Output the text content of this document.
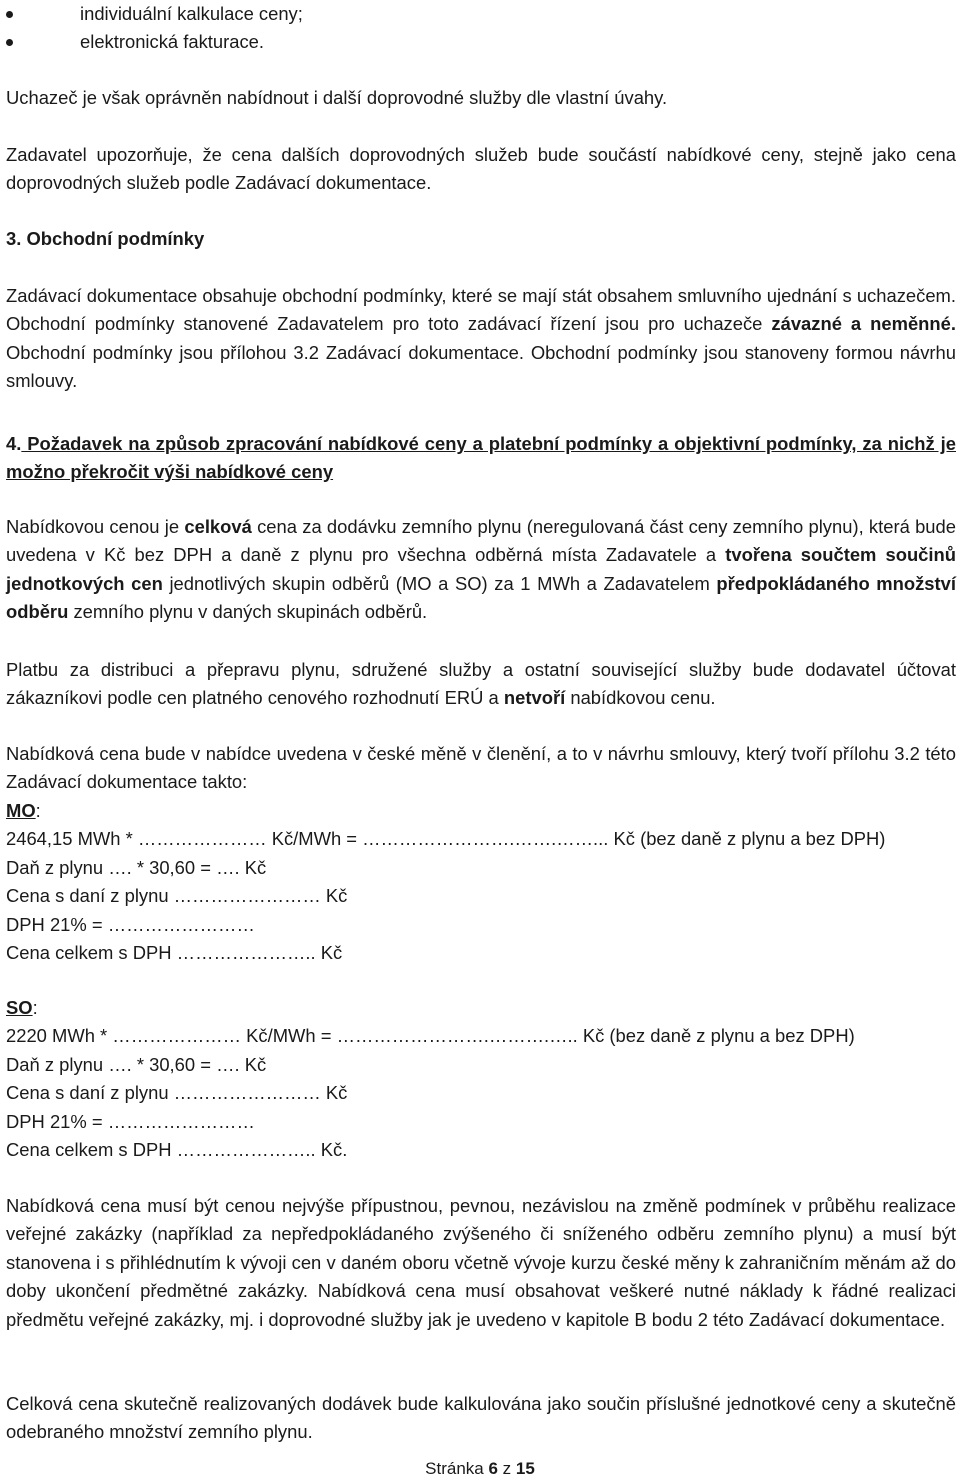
individuální kalkulace ceny;
elektronická fakturace.

Uchazeč je však oprávněn nabídnout i další doprovodné služby dle vlastní úvahy.

Zadavatel upozorňuje, že cena dalších doprovodných služeb bude součástí nabídkové ceny, stejně jako cena doprovodných služeb podle Zadávací dokumentace.

3. Obchodní podmínky

Zadávací dokumentace obsahuje obchodní podmínky, které se mají stát obsahem smluvního ujednání s uchazečem. Obchodní podmínky stanovené Zadavatelem pro toto zadávací řízení jsou pro uchazeče závazné a neměnné. Obchodní podmínky jsou přílohou 3.2 Zadávací dokumentace. Obchodní podmínky jsou stanoveny formou návrhu smlouvy.

4. Požadavek na způsob zpracování nabídkové ceny a platební podmínky a objektivní podmínky, za nichž je možno překročit výši nabídkové ceny

Nabídkovou cenou je celková cena za dodávku zemního plynu (neregulovaná část ceny zemního plynu), která bude uvedena v Kč bez DPH a daně z plynu pro všechna odběrná místa Zadavatele a tvořena součtem součinů jednotkových cen jednotlivých skupin odběrů (MO a SO) za 1 MWh a Zadavatelem předpokládaného množství odběru zemního plynu v daných skupinách odběrů.

Platbu za distribuci a přepravu plynu, sdružené služby a ostatní související služby bude dodavatel účtovat zákazníkovi podle cen platného cenového rozhodnutí ERÚ a netvoří nabídkovou cenu.

Nabídková cena bude v nabídce uvedena v české měně v členění, a to v návrhu smlouvy, který tvoří přílohu 3.2 této Zadávací dokumentace takto:

MO:
2464,15 MWh * ………………… Kč/MWh = …………………….…….……... Kč (bez daně z plynu a bez DPH)
Daň z plynu …. * 30,60 = …. Kč
Cena s daní z plynu …………………… Kč
DPH 21% = ……………………
Cena celkem s DPH ………………….. Kč
SO:
2220 MWh * ………………… Kč/MWh = …………………….……….….. Kč (bez daně z plynu a bez DPH)
Daň z plynu …. * 30,60 = …. Kč
Cena s daní z plynu …………………… Kč
DPH 21% = ……………………
Cena celkem s DPH ………………….. Kč.

Nabídková cena musí být cenou nejvýše přípustnou, pevnou, nezávislou na změně podmínek v průběhu realizace veřejné zakázky (například za nepředpokládaného zvýšeného či sníženého odběru zemního plynu) a musí být stanovena i s přihlédnutím k vývoji cen v daném oboru včetně vývoje kurzu české měny k zahraničním měnám až do doby ukončení předmětné zakázky. Nabídková cena musí obsahovat veškeré nutné náklady k řádné realizaci předmětu veřejné zakázky, mj. i doprovodné služby jak je uvedeno v kapitole B bodu 2 této Zadávací dokumentace.

Celková cena skutečně realizovaných dodávek bude kalkulována jako součin příslušné jednotkové ceny a skutečně odebraného množství zemního plynu.

Stránka 6 z 15
